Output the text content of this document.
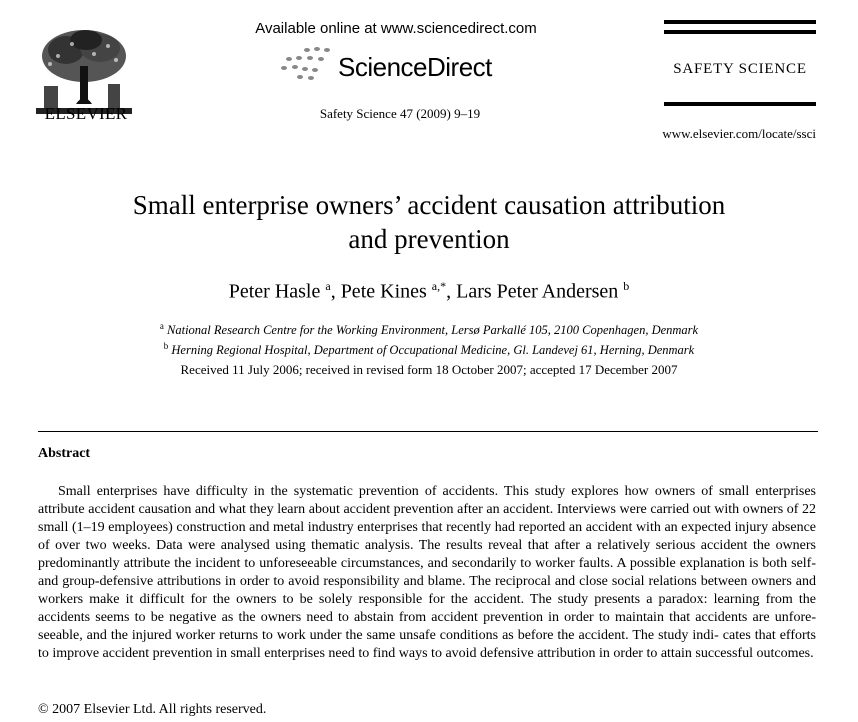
ELSEVIER
Available online at www.sciencedirect.com
ScienceDirect
Safety Science 47 (2009) 9–19
SAFETY SCIENCE
www.elsevier.com/locate/ssci
Small enterprise owners’ accident causation attribution
and prevention
Peter Hasle $^a$, Pete Kines $^{a,*}$, Lars Peter Andersen $^b$
$^a$ National Research Centre for the Working Environment, Lersø Parkallé 105, 2100 Copenhagen, Denmark
$^b$ Herning Regional Hospital, Department of Occupational Medicine, Gl. Landevej 61, Herning, Denmark
Received 11 July 2006; received in revised form 18 October 2007; accepted 17 December 2007
Abstract

Small enterprises have difficulty in the systematic prevention of accidents. This study explores how owners of small enterprises attribute accident causation and what they learn about accident prevention after an accident. Interviews were carried out with owners of 22 small (1–19 employees) construction and metal industry enterprises that recently had reported an accident with an expected injury absence of over two weeks. Data were analysed using thematic analysis. The results reveal that after a relatively serious accident the owners predominantly attribute the incident to unforeseeable circumstances, and secondarily to worker faults. A possible explanation is both self- and group-defensive attributions in order to avoid responsibility and blame. The reciprocal and close social relations between owners and workers make it difficult for the owners to be solely responsible for the accident. The study presents a paradox: learning from the accidents seems to be negative as the owners need to abstain from accident prevention in order to maintain that accidents are unfore- seeable, and the injured worker returns to work under the same unsafe conditions as before the accident. The study indi- cates that efforts to improve accident prevention in small enterprises need to find ways to avoid defensive attribution in order to attain successful outcomes.

© 2007 Elsevier Ltd. All rights reserved.
